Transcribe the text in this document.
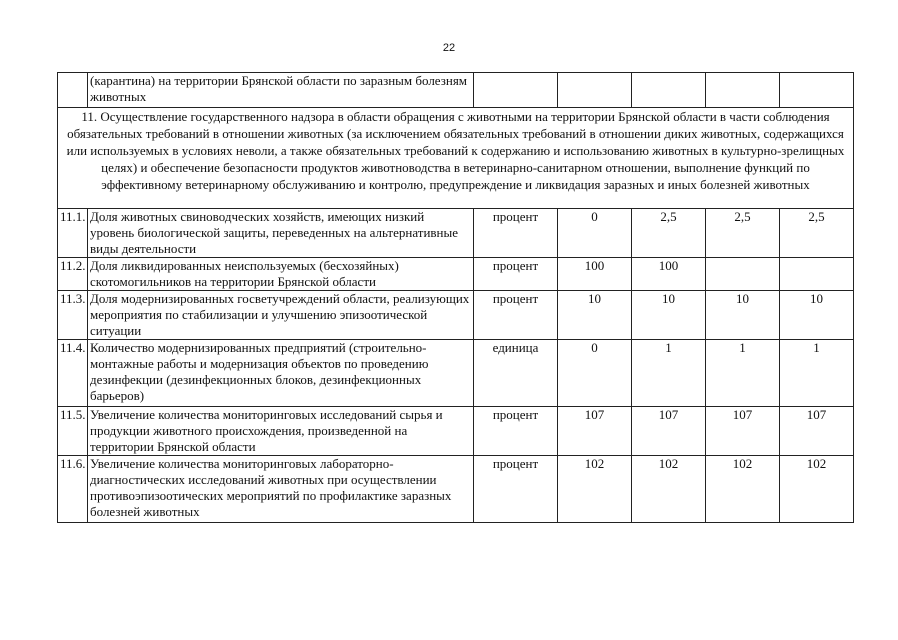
22
	(карантина) на территории Брянской области по заразным болезням животных					
11. Осуществление государственного надзора в области обращения с животными на территории Брянской области в части соблюдения обязательных требований в отношении животных (за исключением обязательных требований в отношении диких животных, содержащихся или используемых в условиях неволи, а также обязательных требований к содержанию и использованию животных в культурно-зрелищных целях) и обеспечение безопасности продуктов животноводства в ветеринарно-санитарном отношении, выполнение функций по эффективному ветеринарному обслуживанию и контролю, предупреждение и ликвидация заразных и иных болезней животных						
11.1.	Доля животных свиноводческих хозяйств, имеющих низкий уровень биологической защиты, переведенных на альтернативные виды деятельности	процент	0	2,5	2,5	2,5
11.2.	Доля ликвидированных неиспользуемых (бесхозяйных) скотомогильников на территории Брянской области	процент	100	100		
11.3.	Доля модернизированных госветучреждений области, реализующих мероприятия по стабилизации и улучшению эпизоотической ситуации	процент	10	10	10	10
11.4.	Количество модернизированных предприятий (строительно-монтажные работы и модернизация объектов по проведению дезинфекции (дезинфекционных блоков, дезинфекционных барьеров)	единица	0	1	1	1
11.5.	Увеличение количества мониторинговых исследований сырья и продукции животного происхождения, произведенной на территории Брянской области	процент	107	107	107	107
11.6.	Увеличение количества мониторинговых лабораторно-диагностических исследований животных при осуществлении противоэпизоотических мероприятий по профилактике заразных болезней животных	процент	102	102	102	102
